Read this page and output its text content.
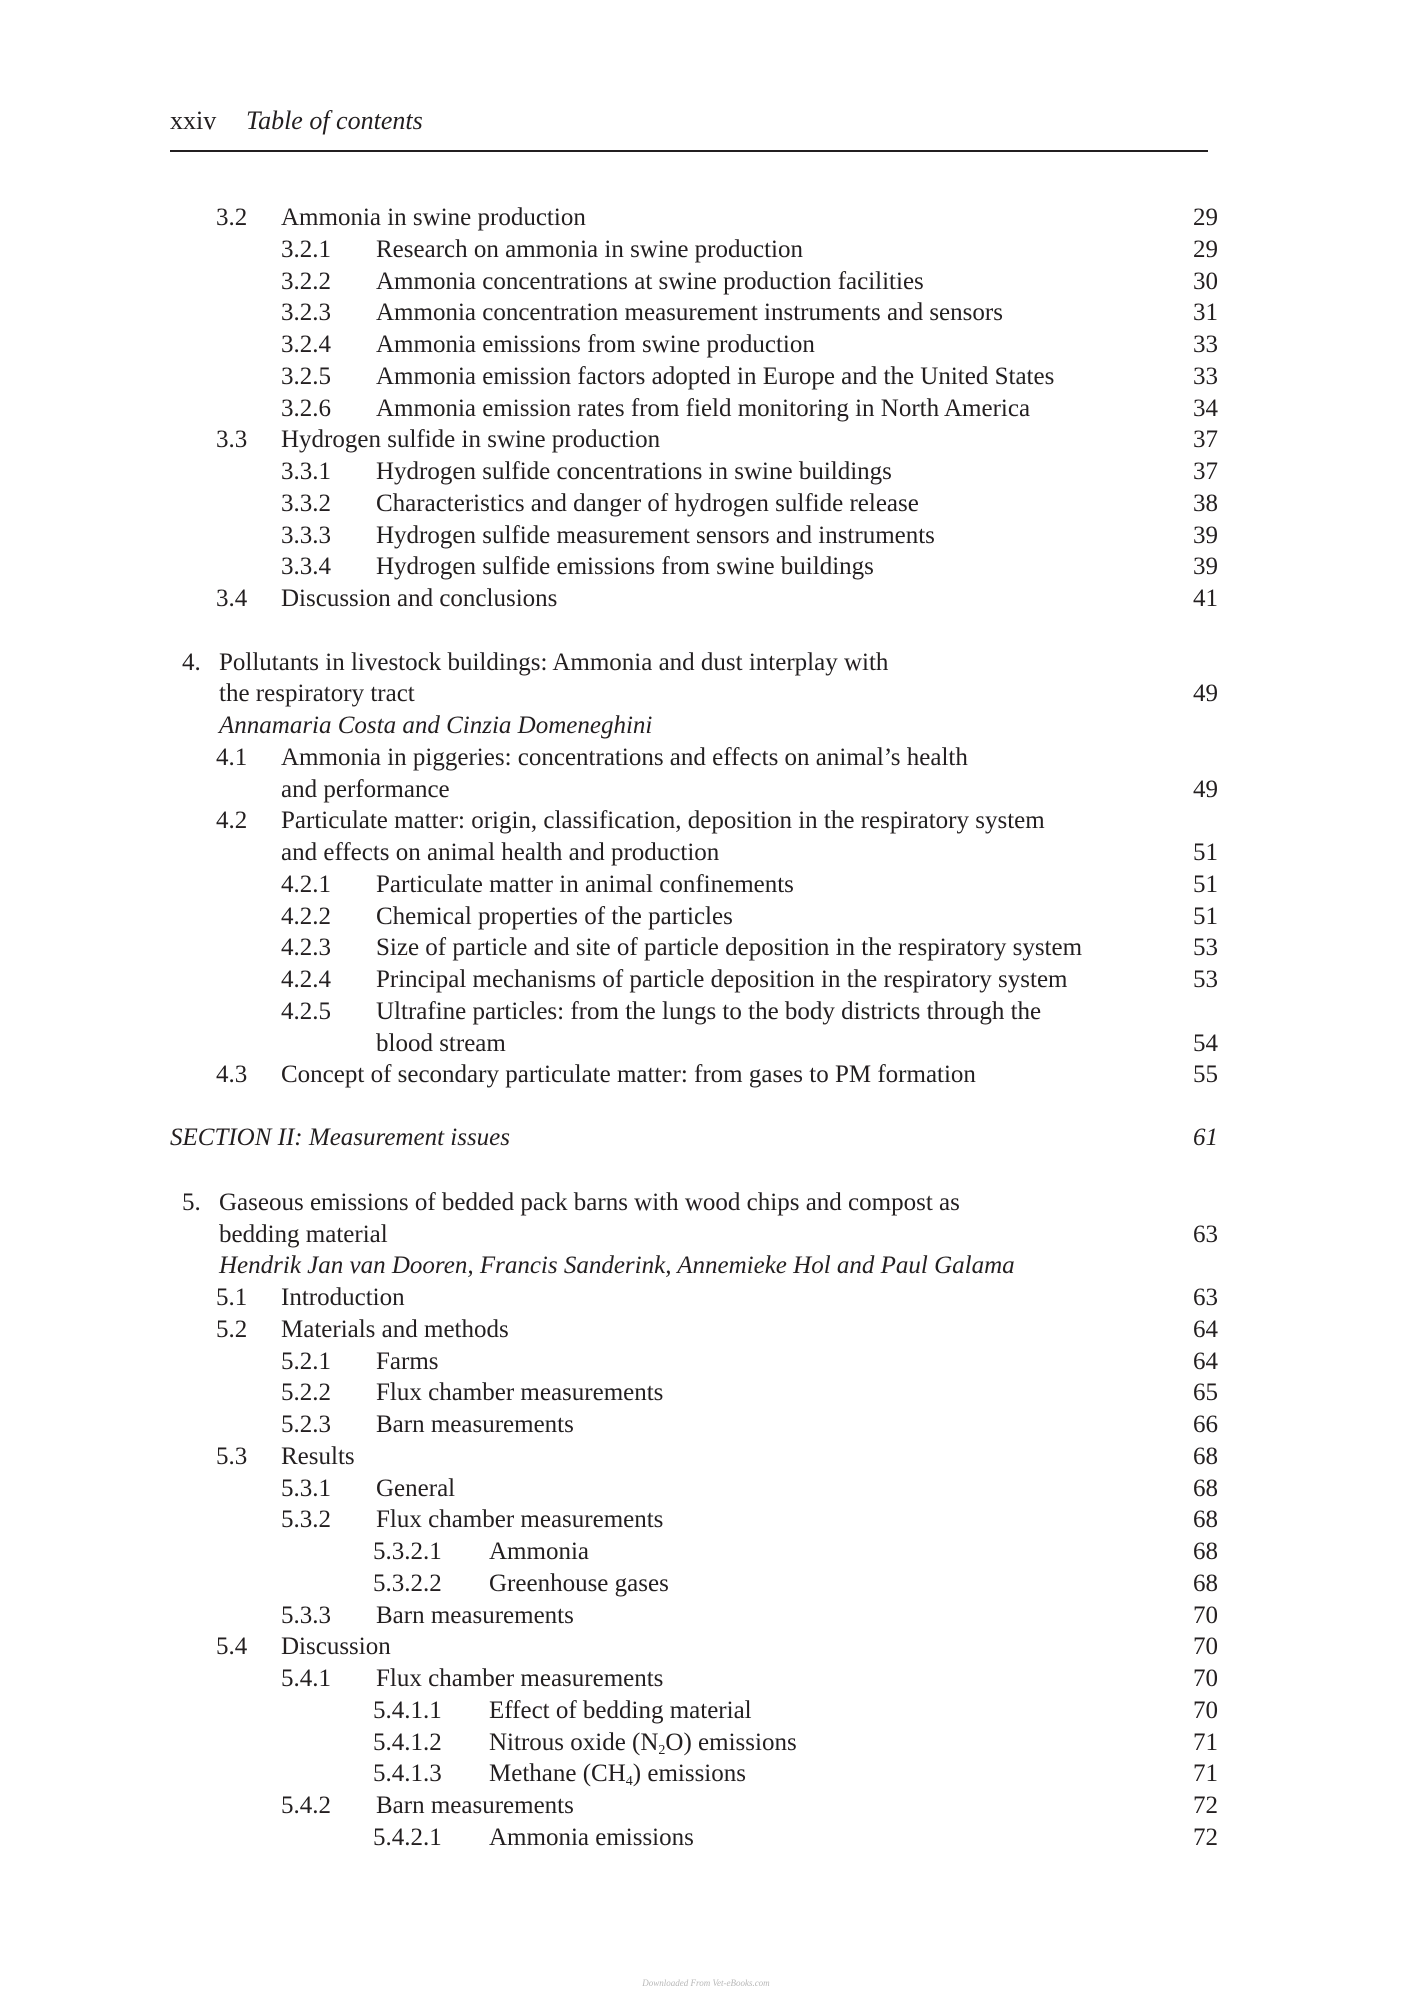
xxiv Table of contents
3.2 Ammonia in swine production	29
3.2.1 Research on ammonia in swine production	29
3.2.2 Ammonia concentrations at swine production facilities	30
3.2.3 Ammonia concentration measurement instruments and sensors	31
3.2.4 Ammonia emissions from swine production	33
3.2.5 Ammonia emission factors adopted in Europe and the United States	33
3.2.6 Ammonia emission rates from field monitoring in North America	34
3.3 Hydrogen sulfide in swine production	37
3.3.1 Hydrogen sulfide concentrations in swine buildings	37
3.3.2 Characteristics and danger of hydrogen sulfide release	38
3.3.3 Hydrogen sulfide measurement sensors and instruments	39
3.3.4 Hydrogen sulfide emissions from swine buildings	39
3.4 Discussion and conclusions	41
4. Pollutants in livestock buildings: Ammonia and dust interplay with
the respiratory tract	49
Annamaria Costa and Cinzia Domeneghini
4.1 Ammonia in piggeries: concentrations and effects on animal’s health
and performance	49
4.2 Particulate matter: origin, classification, deposition in the respiratory system
and effects on animal health and production	51
4.2.1 Particulate matter in animal confinements	51
4.2.2 Chemical properties of the particles	51
4.2.3 Size of particle and site of particle deposition in the respiratory system	53
4.2.4 Principal mechanisms of particle deposition in the respiratory system	53
4.2.5 Ultrafine particles: from the lungs to the body districts through the
blood stream	54
4.3 Concept of secondary particulate matter: from gases to PM formation	55
SECTION II: Measurement issues	61
5. Gaseous emissions of bedded pack barns with wood chips and compost as
bedding material	63
Hendrik Jan van Dooren, Francis Sanderink, Annemieke Hol and Paul Galama
5.1 Introduction	63
5.2 Materials and methods	64
5.2.1 Farms	64
5.2.2 Flux chamber measurements	65
5.2.3 Barn measurements	66
5.3 Results	68
5.3.1 General	68
5.3.2 Flux chamber measurements	68
5.3.2.1 Ammonia	68
5.3.2.2 Greenhouse gases	68
5.3.3 Barn measurements	70
5.4 Discussion	70
5.4.1 Flux chamber measurements	70
5.4.1.1 Effect of bedding material	70
5.4.1.2 Nitrous oxide $(N_2O)$ emissions	71
5.4.1.3 Methane $(CH_4)$ emissions	71
5.4.2 Barn measurements	72
5.4.2.1 Ammonia emissions	72
Downloaded From Vet-eBooks.com
